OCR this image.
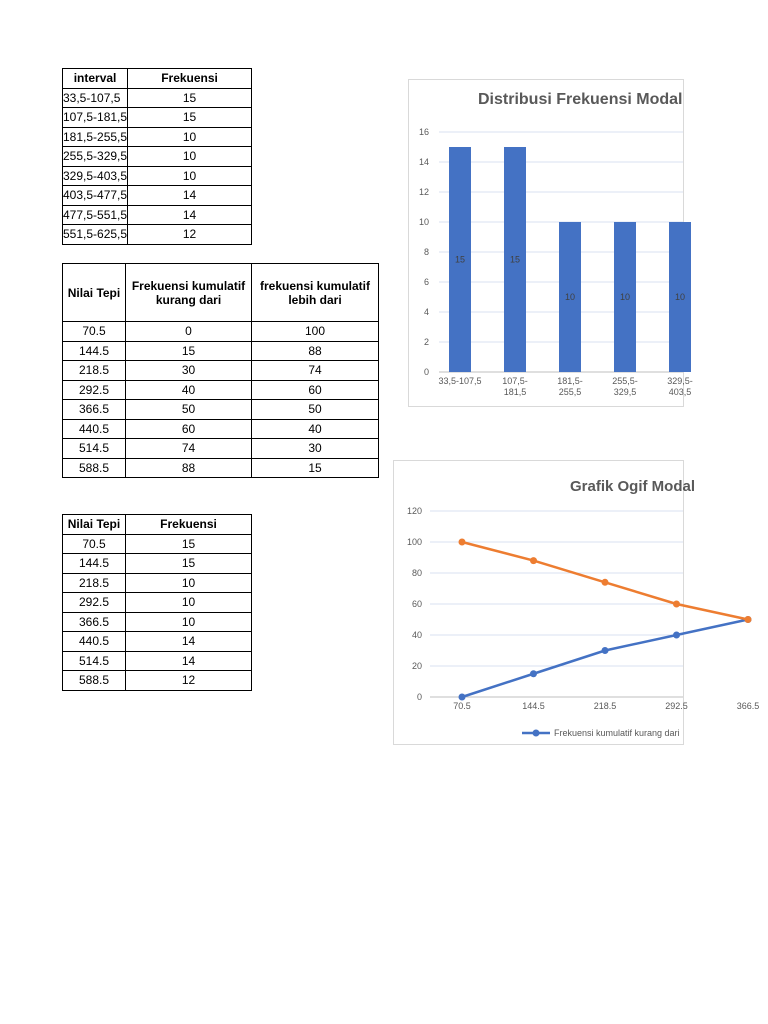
interval	Frekuensi
33,5-107,5	15
107,5-181,5	15
181,5-255,5	10
255,5-329,5	10
329,5-403,5	10
403,5-477,5	14
477,5-551,5	14
551,5-625,5	12
Nilai Tepi	Frekuensi kumulatif kurang dari	frekuensi kumulatif lebih dari
70.5	0	100
144.5	15	88
218.5	30	74
292.5	40	60
366.5	50	50
440.5	60	40
514.5	74	30
588.5	88	15
Nilai Tepi	Frekuensi
70.5	15
144.5	15
218.5	10
292.5	10
366.5	10
440.5	14
514.5	14
588.5	12
Distribusi Frekuensi Modal
0
2
4
6
8
10
12
14
16
15
33,5-107,5
15
107,5-
181,5
10
181,5-
255,5
10
255,5-
329,5
10
329,5-
403,5
Grafik Ogif Modal
0
20
40
60
80
100
120
70.5	144.5	218.5	292.5	366.5
Frekuensi kumulatif kurang dari
